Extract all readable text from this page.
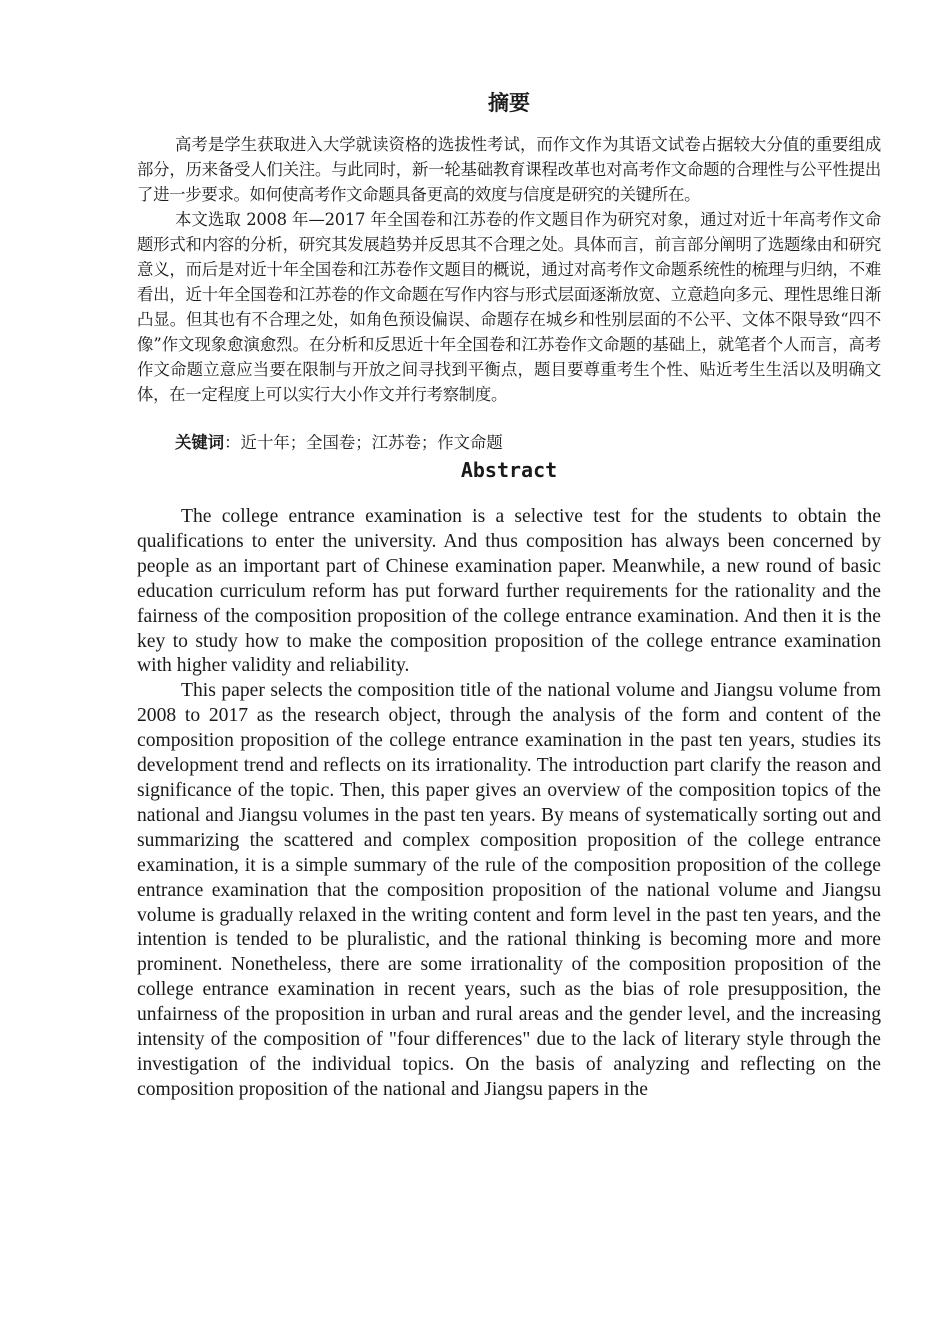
摘要

高考是学生获取进入大学就读资格的选拔性考试，而作文作为其语文试卷占据较大分值的重要组成部分，历来备受人们关注。与此同时，新一轮基础教育课程改革也对高考作文命题的合理性与公平性提出了进一步要求。如何使高考作文命题具备更高的效度与信度是研究的关键所在。

本文选取 2008 年—2017 年全国卷和江苏卷的作文题目作为研究对象，通过对近十年高考作文命题形式和内容的分析，研究其发展趋势并反思其不合理之处。具体而言，前言部分阐明了选题缘由和研究意义，而后是对近十年全国卷和江苏卷作文题目的概说，通过对高考作文命题系统性的梳理与归纳，不难看出，近十年全国卷和江苏卷的作文命题在写作内容与形式层面逐渐放宽、立意趋向多元、理性思维日渐凸显。但其也有不合理之处，如角色预设偏误、命题存在城乡和性别层面的不公平、文体不限导致“四不像”作文现象愈演愈烈。在分析和反思近十年全国卷和江苏卷作文命题的基础上，就笔者个人而言，高考作文命题立意应当要在限制与开放之间寻找到平衡点，题目要尊重考生个性、贴近考生生活以及明确文体，在一定程度上可以实行大小作文并行考察制度。

关键词：近十年；全国卷；江苏卷；作文命题
Abstract

The college entrance examination is a selective test for the students to obtain the qualifications to enter the university. And thus composition has always been concerned by people as an important part of Chinese examination paper. Meanwhile, a new round of basic education curriculum reform has put forward further requirements for the rationality and the fairness of the composition proposition of the college entrance examination. And then it is the key to study how to make the composition proposition of the college entrance examination with higher validity and reliability.

This paper selects the composition title of the national volume and Jiangsu volume from 2008 to 2017 as the research object, through the analysis of the form and content of the composition proposition of the college entrance examination in the past ten years, studies its development trend and reflects on its irrationality. The introduction part clarify the reason and significance of the topic. Then, this paper gives an overview of the composition topics of the national and Jiangsu volumes in the past ten years. By means of systematically sorting out and summarizing the scattered and complex composition proposition of the college entrance examination, it is a simple summary of the rule of the composition proposition of the college entrance examination that the composition proposition of the national volume and Jiangsu volume is gradually relaxed in the writing content and form level in the past ten years, and the intention is tended to be pluralistic, and the rational thinking is becoming more and more prominent. Nonetheless, there are some irrationality of the composition proposition of the college entrance examination in recent years, such as the bias of role presupposition, the unfairness of the proposition in urban and rural areas and the gender level, and the increasing intensity of the composition of "four differences" due to the lack of literary style through the investigation of the individual topics. On the basis of analyzing and reflecting on the composition proposition of the national and Jiangsu papers in the
